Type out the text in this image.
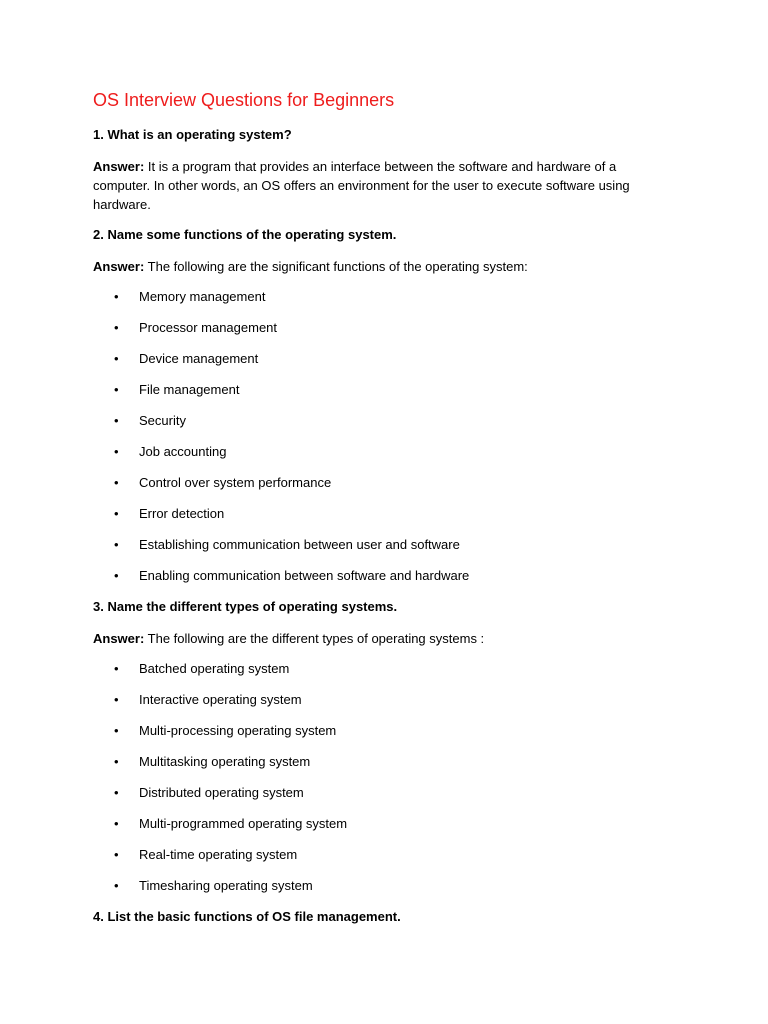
OS Interview Questions for Beginners
1. What is an operating system?

Answer: It is a program that provides an interface between the software and hardware of a computer. In other words, an OS offers an environment for the user to execute software using hardware.

2. Name some functions of the operating system.

Answer: The following are the significant functions of the operating system:

• Memory management
• Processor management
• Device management
• File management
• Security
• Job accounting
• Control over system performance
• Error detection
• Establishing communication between user and software
• Enabling communication between software and hardware
3. Name the different types of operating systems.

Answer: The following are the different types of operating systems :

• Batched operating system
• Interactive operating system
• Multi-processing operating system
• Multitasking operating system
• Distributed operating system
• Multi-programmed operating system
• Real-time operating system
• Timesharing operating system
4. List the basic functions of OS file management.
